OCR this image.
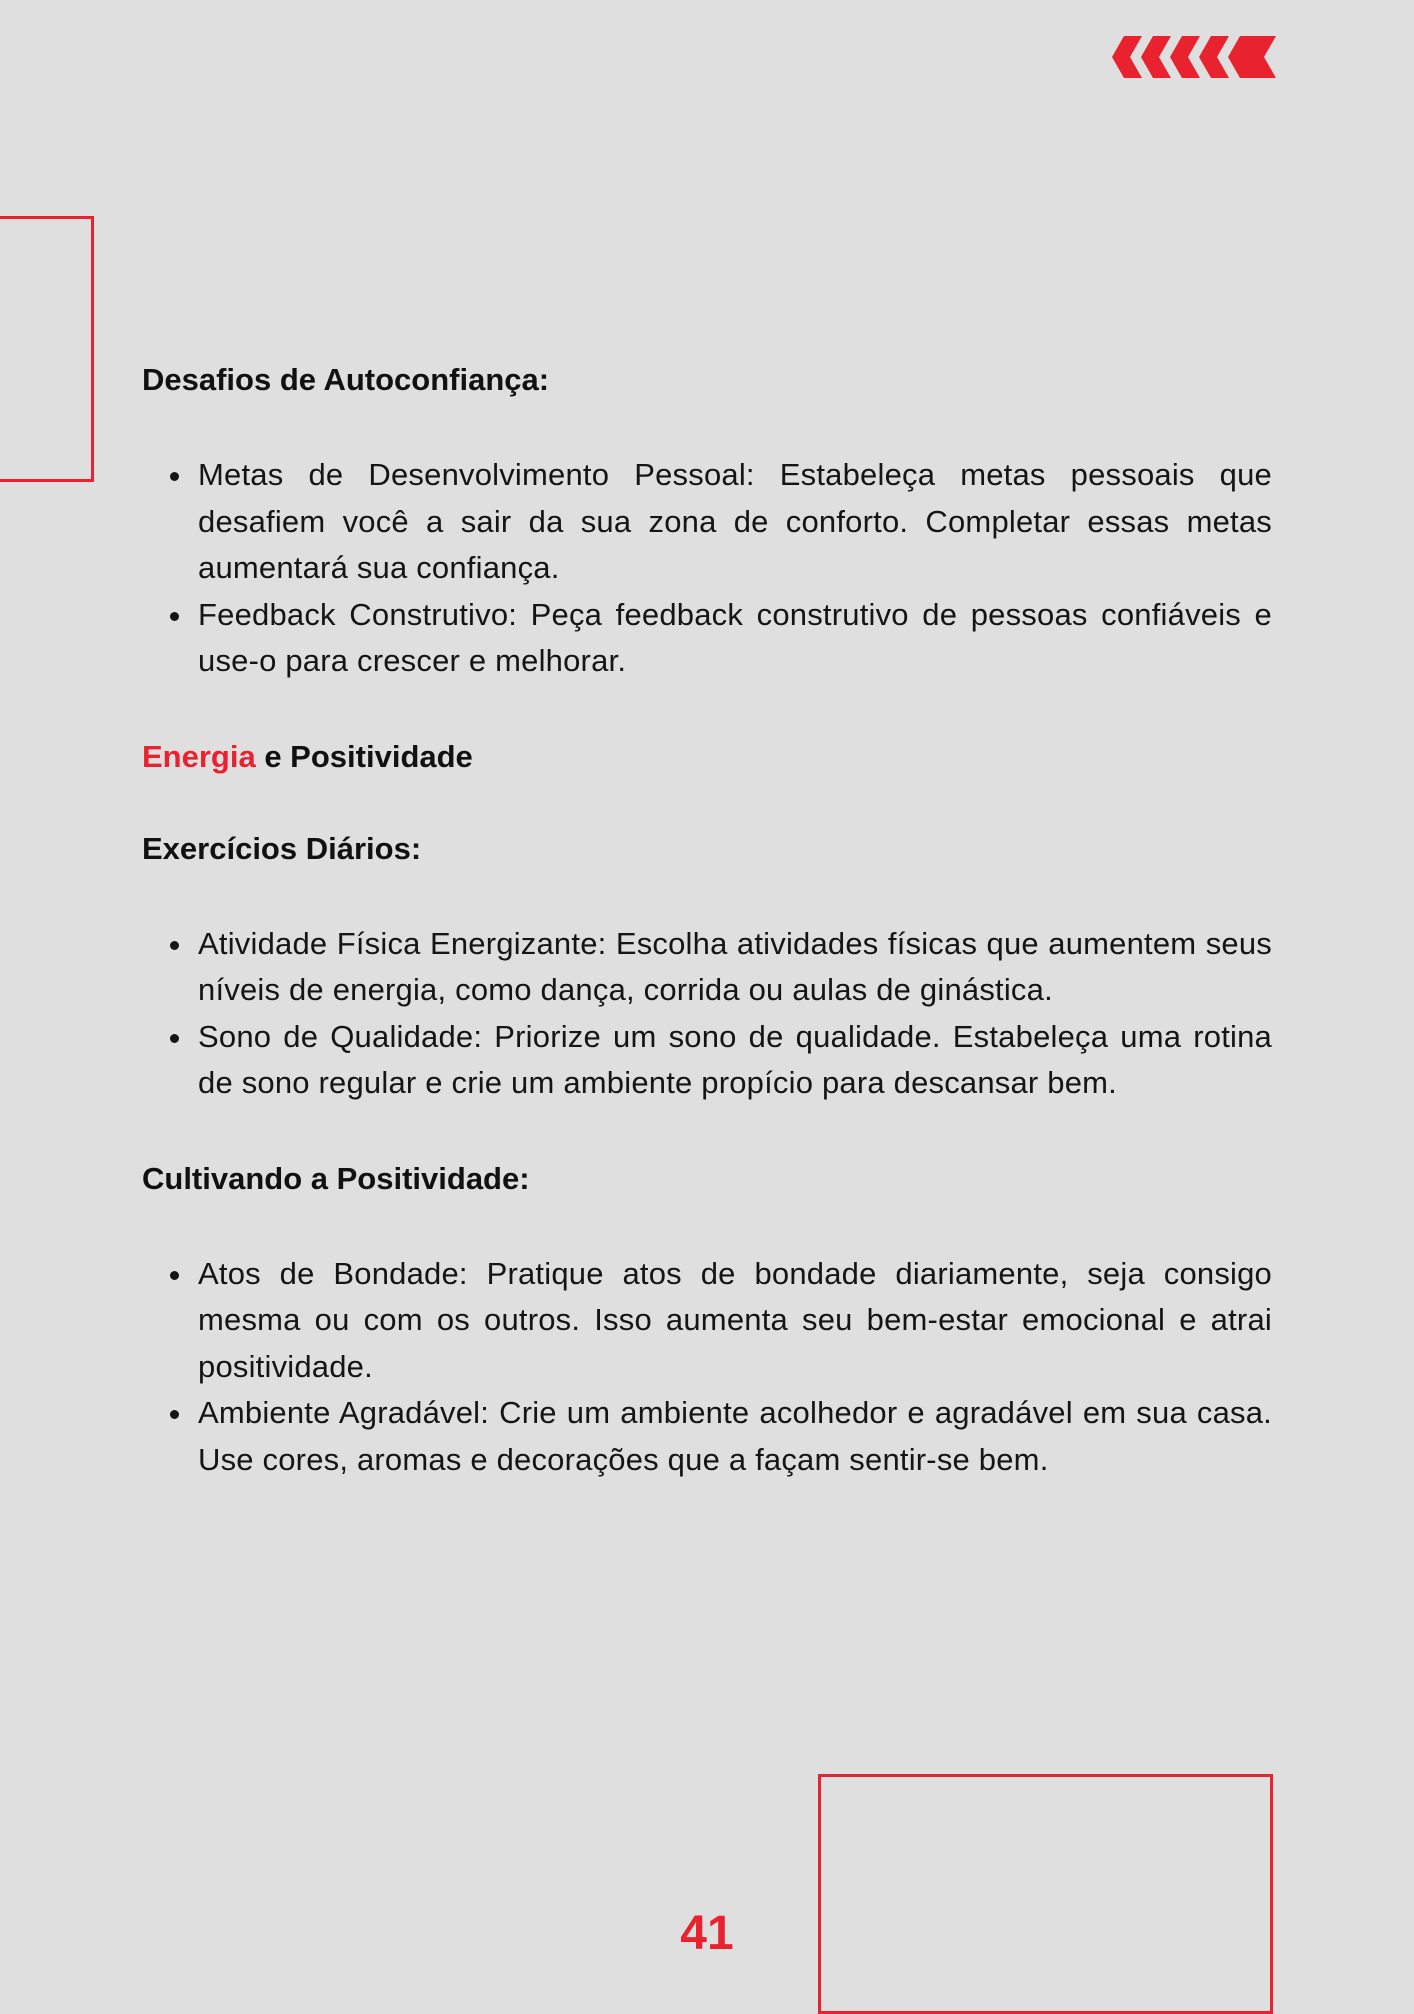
Desafios de Autoconfiança:
Metas de Desenvolvimento Pessoal: Estabeleça metas pessoais que desafiem você a sair da sua zona de conforto. Completar essas metas aumentará sua confiança.
Feedback Construtivo: Peça feedback construtivo de pessoas confiáveis e use-o para crescer e melhorar.
Energia e Positividade
Exercícios Diários:
Atividade Física Energizante: Escolha atividades físicas que aumentem seus níveis de energia, como dança, corrida ou aulas de ginástica.
Sono de Qualidade: Priorize um sono de qualidade. Estabeleça uma rotina de sono regular e crie um ambiente propício para descansar bem.
Cultivando a Positividade:
Atos de Bondade: Pratique atos de bondade diariamente, seja consigo mesma ou com os outros. Isso aumenta seu bem-estar emocional e atrai positividade.
Ambiente Agradável: Crie um ambiente acolhedor e agradável em sua casa. Use cores, aromas e decorações que a façam sentir-se bem.
41
